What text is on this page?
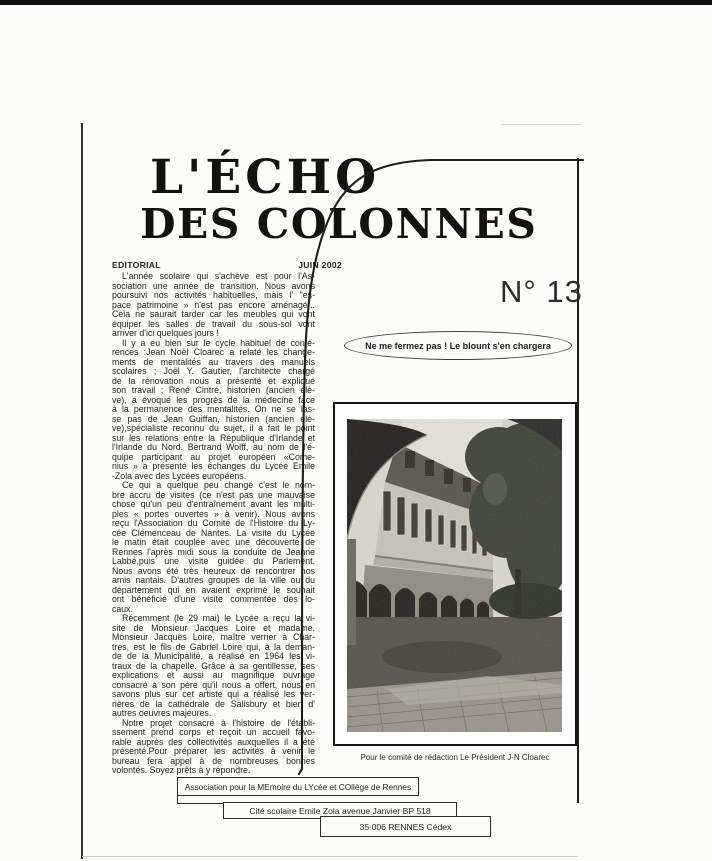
L'ÉCHO
DES COLONNES
N° 13
EDITORIAL	JUIN 2002
L'année scolaire qui s'achève est pour l'As-
sociation une année de transition. Nous avons
poursuivi nos activités habituelles, mais l' "es-
pace patrimoine » n'est pas encore aménagé...
Cela ne saurait tarder car les meubles qui vont
équiper les salles de travail du sous-sol vont
arriver d'ici quelques jours !
Il y a eu bien sur le cycle habituel de confé-
rences :Jean Noël Cloarec a relaté les change-
ments de mentalités au travers des manuels
scolaires ; Joël Y. Gautier, l'architecte chargé
de la rénovation nous a présenté et expliqué
son travail ; René Cintré, historien (ancien élè-
ve), a évoqué les progrès de la médecine face
à la permanence des mentalités. On ne se las-
se pas de Jean Guiffan, historien (ancien élè-
ve),spécialiste reconnu du sujet, il a fait le point
sur les relations entre la République d'Irlande et
l'Irlande du Nord. Bertrand Wolff, au nom de l'é-
quipe participant au projet européen «Come-
nius » a présenté les échanges du Lycée Emile
-Zola avec des Lycées européens.
Ce qui a quelque peu changé c'est le nom-
bre accru de visites (ce n'est pas une mauvaise
chose qu'un peu d'entraînement avant les multi-
ples « portes ouvertes » à venir). Nous avons
reçu l'Association du Comité de l'Histoire du Ly-
cée Clémenceau de Nantes. La visite du Lycée
le matin était couplée avec une découverte de
Rennes l'après midi sous la conduite de Jeanne
Labbé,puis une visite guidée du Parlement.
Nous avons été très heureux de rencontrer nos
amis nantais. D'autres groupes de la ville ou du
département qui en avaient exprimé le souhait
ont bénéficié d'une visite commentée des lo-
caux.
Récemment (le 29 mai) le Lycée a reçu la vi-
site de Monsieur Jacques Loire et madame.
Monsieur Jacques Loire, maître verrier à Char-
tres, est le fils de Gabriel Loire qui, à la deman-
de de la Municipalité, a réalisé en 1964 les vi-
traux de la chapelle. Grâce à sa gentillesse, ses
explications et aussi au magnifique ouvrage
consacré à son père qu'il nous a offert, nous en
savons plus sur cet artiste qui a réalisé les ver-
rières de la cathédrale de Salisbury et bien d'
autres oeuvres majeures.
Notre projet consacré à l'histoire de l'établi-
ssement prend corps et reçoit un accueil favo-
rable auprès des collectivités auxquelles il a été
présenté.Pour préparer les activités à venir le
bureau fera appel à de nombreuses bonnes
volontés. Soyez prêts à y répondre.
Ne me fermez pas ! Le blount s'en chargera
Pour le comité de rédaction Le Président J-N Cloarec
Association pour la MEmoire du LYcée et COllège de Rennes
Cité scolaire Emile Zola avenue Janvier BP 518
35 006 RENNES Cédex
